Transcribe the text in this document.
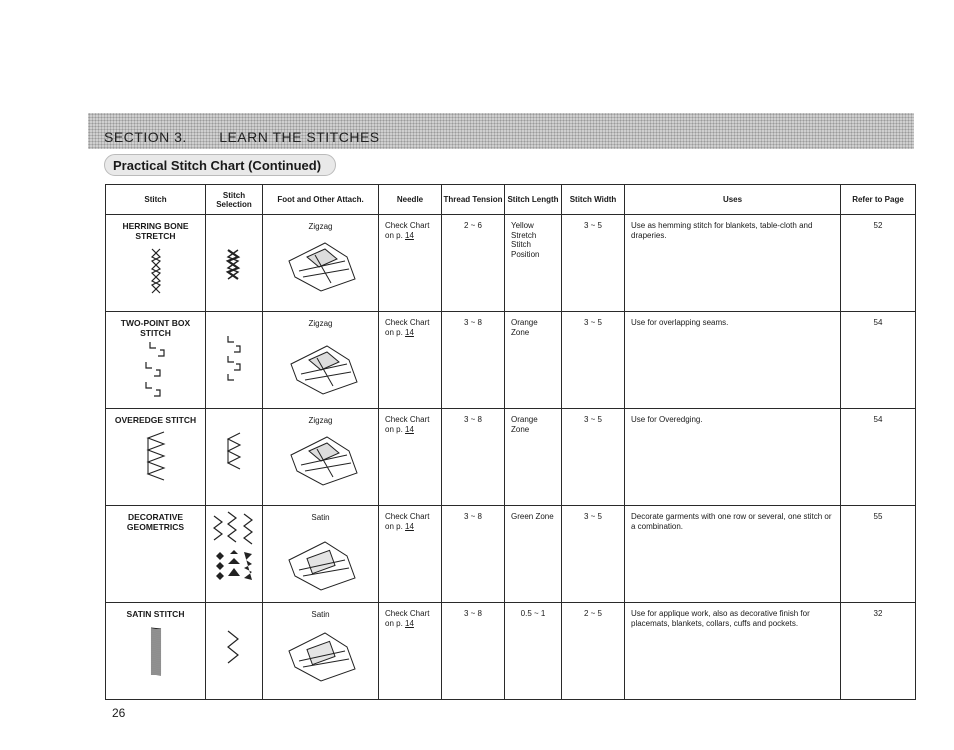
SECTION 3. LEARN THE STITCHES
Practical Stitch Chart (Continued)
Stitch	Stitch Selection	Foot and Other Attach.	Needle	Thread Tension	Stitch Length	Stitch Width	Uses	Refer to Page

HERRING BONE STRETCH		Zigzag	Check Chart
on p. 14	2 ~ 6	Yellow Stretch Stitch Position	3 ~ 5	Use as hemming stitch for blankets, table-cloth and draperies.	52

TWO-POINT BOX STITCH		Zigzag	Check Chart
on p. 14	3 ~ 8	Orange Zone	3 ~ 5	Use for overlapping seams.	54

OVEREDGE STITCH		Zigzag	Check Chart
on p. 14	3 ~ 8	Orange Zone	3 ~ 5	Use for Overedging.	54

DECORATIVE GEOMETRICS		Satin	Check Chart
on p. 14	3 ~ 8	Green Zone	3 ~ 5	Decorate garments with one row or several, one stitch or a combination.	55

SATIN STITCH		Satin	Check Chart
on p. 14	3 ~ 8	0.5 ~ 1	2 ~ 5	Use for applique work, also as decorative finish for placemats, blankets, collars, cuffs and pockets.	32
26
